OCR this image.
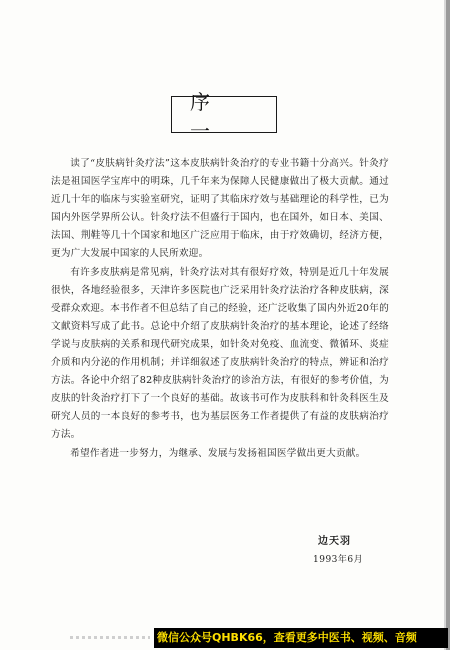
序 一

读了“皮肤病针灸疗法”这本皮肤病针灸治疗的专业书籍十分高兴。针灸疗法是祖国医学宝库中的明珠，几千年来为保障人民健康做出了极大贡献。通过近几十年的临床与实验室研究，证明了其临床疗效与基础理论的科学性，已为国内外医学界所公认。针灸疗法不但盛行于国内，也在国外，如日本、美国、法国、荆鞋等几十个国家和地区广泛应用于临床，由于疗效确切，经济方便，更为广大发展中国家的人民所欢迎。

有许多皮肤病是常见病，针灸疗法对其有很好疗效，特别是近几十年发展很快，各地经验很多，天津许多医院也广泛采用针灸疗法治疗各种皮肤病，深受群众欢迎。本书作者不但总结了自己的经验，还广泛收集了国内外近20年的文献资料写成了此书。总论中介绍了皮肤病针灸治疗的基本理论，论述了经络学说与皮肤病的关系和现代研究成果，如针灸对免疫、血流变、微循环、炎症介质和内分泌的作用机制；并详细叙述了皮肤病针灸治疗的特点，辨证和治疗方法。各论中介绍了82种皮肤病针灸治疗的诊治方法，有很好的参考价值，为皮肤的针灸治疗打下了一个良好的基础。故该书可作为皮肤科和针灸科医生及研究人员的一本良好的参考书，也为基层医务工作者提供了有益的皮肤病治疗方法。

希望作者进一步努力，为继承、发展与发扬祖国医学做出更大贡献。

边天羽
1993年6月
微信公众号QHBK66，查看更多中医书、视频、音频
